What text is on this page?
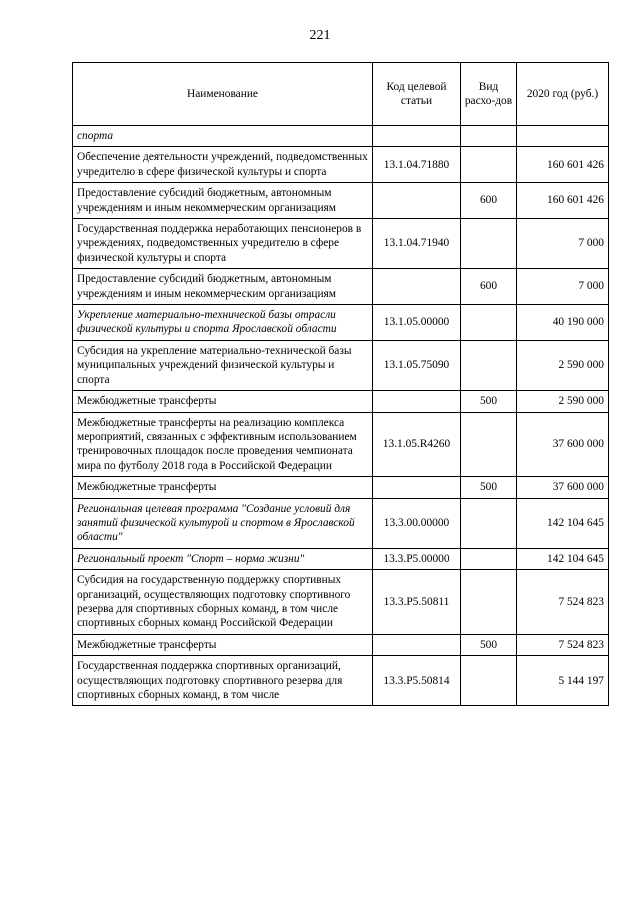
221
Наименование	Код целевой статьи	Вид расхо-дов	2020 год (руб.)
спорта			
Обеспечение деятельности учреждений, подведомственных учредителю в сфере физической культуры и спорта	13.1.04.71880		160 601 426
Предоставление субсидий бюджетным, автономным учреждениям и иным некоммерческим организациям		600	160 601 426
Государственная поддержка неработающих пенсионеров в учреждениях, подведомственных учредителю в сфере физической культуры и спорта	13.1.04.71940		7 000
Предоставление субсидий бюджетным, автономным учреждениям и иным некоммерческим организациям		600	7 000
Укрепление материально-технической базы отрасли физической культуры и спорта Ярославской области	13.1.05.00000		40 190 000
Субсидия на укрепление материально-технической базы муниципальных учреждений физической культуры и спорта	13.1.05.75090		2 590 000
Межбюджетные трансферты		500	2 590 000
Межбюджетные трансферты на реализацию комплекса мероприятий, связанных с эффективным использованием тренировочных площадок после проведения чемпионата мира по футболу 2018 года в Российской Федерации	13.1.05.R4260		37 600 000
Межбюджетные трансферты		500	37 600 000
Региональная целевая программа "Создание условий для занятий физической культурой и спортом в Ярославской области"	13.3.00.00000		142 104 645
Региональный проект "Спорт – норма жизни"	13.3.P5.00000		142 104 645
Субсидия на государственную поддержку спортивных организаций, осуществляющих подготовку спортивного резерва для спортивных сборных команд, в том числе спортивных сборных команд Российской Федерации	13.3.P5.50811		7 524 823
Межбюджетные трансферты		500	7 524 823
Государственная поддержка спортивных организаций, осуществляющих подготовку спортивного резерва для спортивных сборных команд, в том числе	13.3.P5.50814		5 144 197
